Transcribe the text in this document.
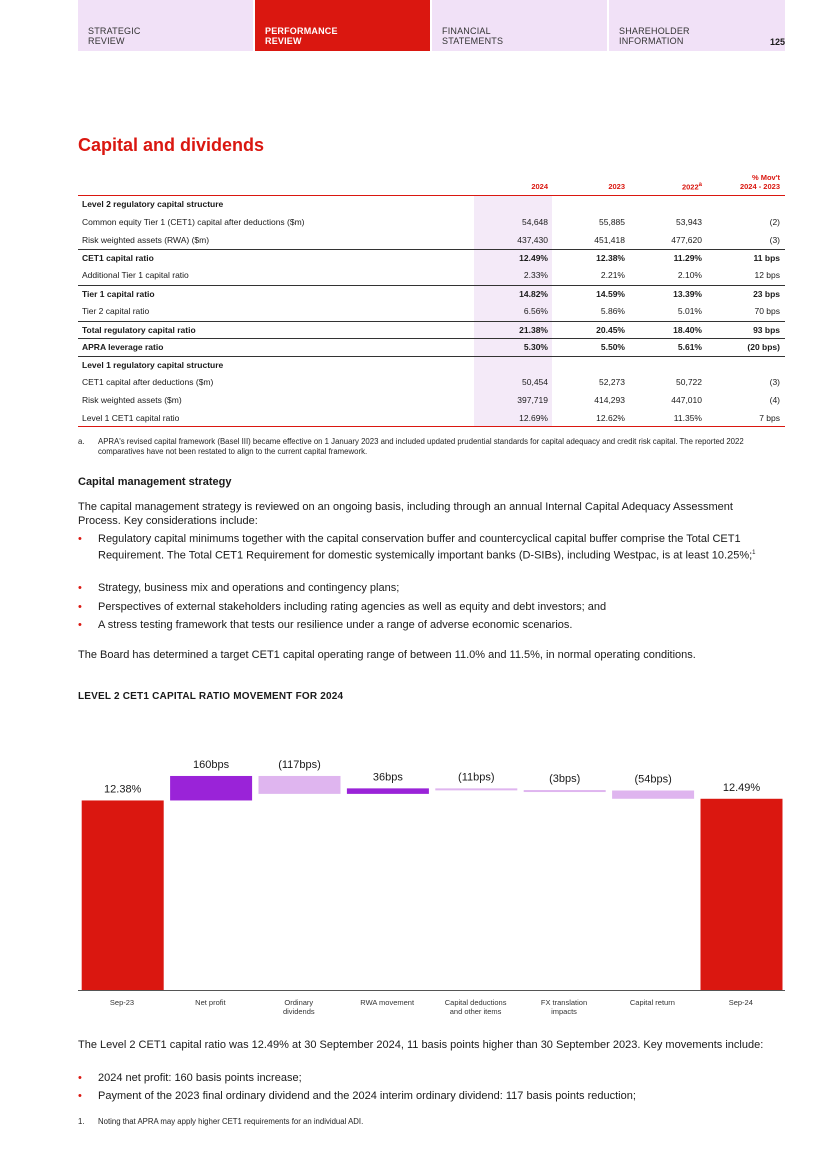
STRATEGIC
REVIEW
PERFORMANCE
REVIEW
FINANCIAL
STATEMENTS
SHAREHOLDER
INFORMATION	125
Capital and dividends
2024	2023	2022$^a$
% Mov't
2024 - 2023
Level 2 regulatory capital structure
Common equity Tier 1 (CET1) capital after deductions ($m)	54,648	55,885	53,943	(2)
Risk weighted assets (RWA) ($m)	437,430	451,418	477,620	(3)
CET1 capital ratio	12.49%	12.38%	11.29%	11 bps
Additional Tier 1 capital ratio	2.33%	2.21%	2.10%	12 bps
Tier 1 capital ratio	14.82%	14.59%	13.39%	23 bps
Tier 2 capital ratio	6.56%	5.86%	5.01%	70 bps
Total regulatory capital ratio	21.38%	20.45%	18.40%	93 bps
APRA leverage ratio	5.30%	5.50%	5.61%	(20 bps)
Level 1 regulatory capital structure
CET1 capital after deductions ($m)	50,454	52,273	50,722	(3)
Risk weighted assets ($m)	397,719	414,293	447,010	(4)
Level 1 CET1 capital ratio	12.69%	12.62%	11.35%	7 bps
a.	APRA's revised capital framework (Basel III) became effective on 1 January 2023 and included updated prudential standards for capital adequacy and credit risk capital. The reported 2022 comparatives have not been restated to align to the current capital framework.
Capital management strategy

The capital management strategy is reviewed on an ongoing basis, including through an annual Internal Capital Adequacy Assessment Process. Key considerations include:

•	Regulatory capital minimums together with the capital conservation buffer and countercyclical capital buffer comprise the Total CET1 Requirement. The Total CET1 Requirement for domestic systemically important banks (D-SIBs), including Westpac, is at least 10.25%;$^1$
•	Strategy, business mix and operations and contingency plans;
•	Perspectives of external stakeholders including rating agencies as well as equity and debt investors; and
•	A stress testing framework that tests our resilience under a range of adverse economic scenarios.

The Board has determined a target CET1 capital operating range of between 11.0% and 11.5%, in normal operating conditions.

LEVEL 2 CET1 CAPITAL RATIO MOVEMENT FOR 2024
12.38%
160bps	(117bps)
36bps	(11bps)	(3bps)	(54bps)
12.49%
Sep-23	Net profit	Ordinary
dividends
RWA movement	Capital deductions
and other items
FX translation
impacts
Capital return	Sep-24

The Level 2 CET1 capital ratio was 12.49% at 30 September 2024, 11 basis points higher than 30 September 2023. Key movements include:

•	2024 net profit: 160 basis points increase;
•	Payment of the 2023 final ordinary dividend and the 2024 interim ordinary dividend: 117 basis points reduction;
1.	Noting that APRA may apply higher CET1 requirements for an individual ADI.
